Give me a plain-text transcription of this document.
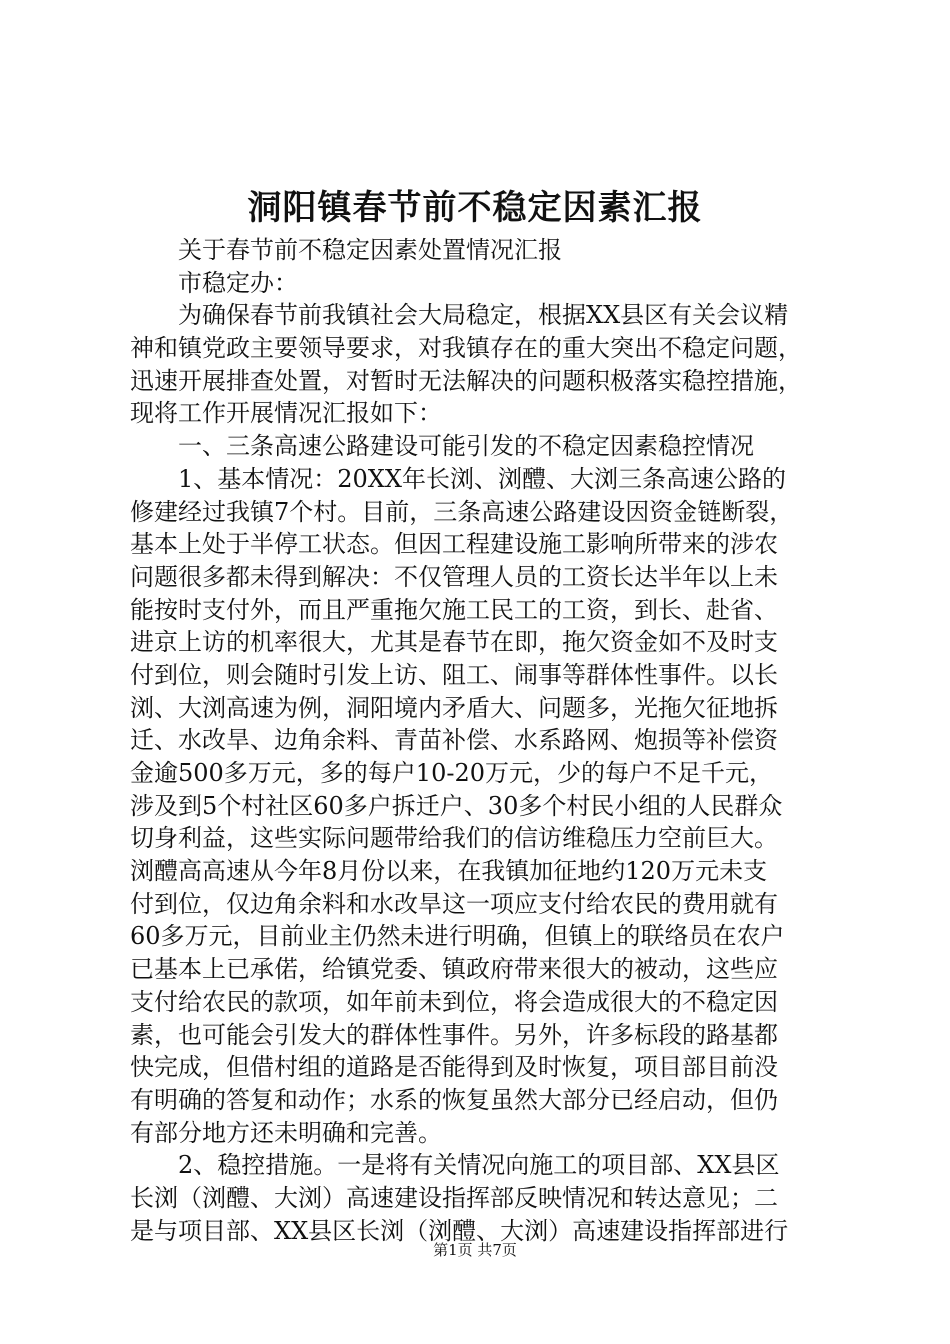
洞阳镇春节前不稳定因素汇报
关于春节前不稳定因素处置情况汇报
市稳定办：
为确保春节前我镇社会大局稳定，根据XX县区有关会议精
神和镇党政主要领导要求，对我镇存在的重大突出不稳定问题，
迅速开展排查处置，对暂时无法解决的问题积极落实稳控措施，
现将工作开展情况汇报如下：
一、三条高速公路建设可能引发的不稳定因素稳控情况
1、基本情况：20XX年长浏、浏醴、大浏三条高速公路的
修建经过我镇7个村。目前，三条高速公路建设因资金链断裂，
基本上处于半停工状态。但因工程建设施工影响所带来的涉农
问题很多都未得到解决：不仅管理人员的工资长达半年以上未
能按时支付外，而且严重拖欠施工民工的工资，到长、赴省、
进京上访的机率很大，尤其是春节在即，拖欠资金如不及时支
付到位，则会随时引发上访、阻工、闹事等群体性事件。以长
浏、大浏高速为例，洞阳境内矛盾大、问题多，光拖欠征地拆
迁、水改旱、边角余料、青苗补偿、水系路网、炮损等补偿资
金逾500多万元，多的每户10-20万元，少的每户不足千元，
涉及到5个村社区60多户拆迁户、30多个村民小组的人民群众
切身利益，这些实际问题带给我们的信访维稳压力空前巨大。
浏醴高高速从今年8月份以来，在我镇加征地约120万元未支
付到位，仅边角余料和水改旱这一项应支付给农民的费用就有
60多万元，目前业主仍然未进行明确，但镇上的联络员在农户
已基本上已承偌，给镇党委、镇政府带来很大的被动，这些应
支付给农民的款项，如年前未到位，将会造成很大的不稳定因
素，也可能会引发大的群体性事件。另外，许多标段的路基都
快完成，但借村组的道路是否能得到及时恢复，项目部目前没
有明确的答复和动作；水系的恢复虽然大部分已经启动，但仍
有部分地方还未明确和完善。
2、稳控措施。一是将有关情况向施工的项目部、XX县区
长浏（浏醴、大浏）高速建设指挥部反映情况和转达意见；二
是与项目部、XX县区长浏（浏醴、大浏）高速建设指挥部进行
第1页 共7页
